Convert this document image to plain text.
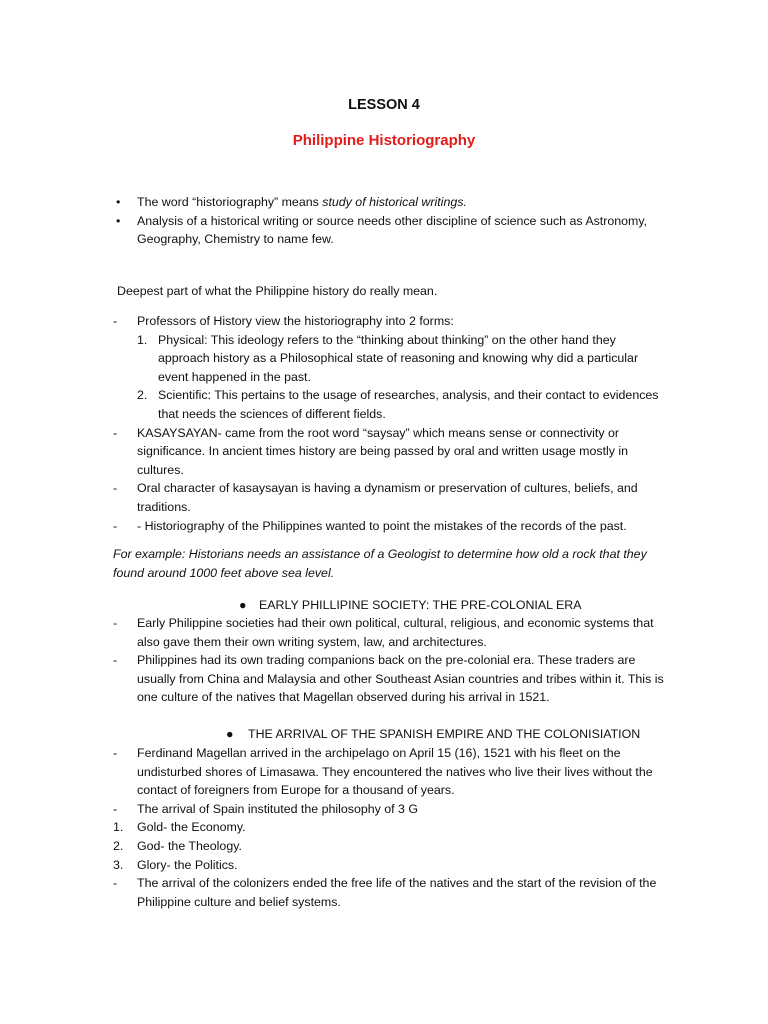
LESSON 4
Philippine Historiography
• The word “historiography” means study of historical writings.
• Analysis of a historical writing or source needs other discipline of science such as Astronomy,
Geography, Chemistry to name few.
Deepest part of what the Philippine history do really mean.
- Professors of History view the historiography into 2 forms:
1. Physical: This ideology refers to the “thinking about thinking” on the other hand they
approach history as a Philosophical state of reasoning and knowing why did a particular
event happened in the past.
2. Scientific: This pertains to the usage of researches, analysis, and their contact to evidences
that needs the sciences of different fields.
- KASAYSAYAN- came from the root word “saysay” which means sense or connectivity or
significance. In ancient times history are being passed by oral and written usage mostly in
cultures.
- Oral character of kasaysayan is having a dynamism or preservation of cultures, beliefs, and
traditions.
- - Historiography of the Philippines wanted to point the mistakes of the records of the past.
For example: Historians needs an assistance of a Geologist to determine how old a rock that they
found around 1000 feet above sea level.
● EARLY PHILLIPINE SOCIETY: THE PRE-COLONIAL ERA
- Early Philippine societies had their own political, cultural, religious, and economic systems that
also gave them their own writing system, law, and architectures.
- Philippines had its own trading companions back on the pre-colonial era. These traders are
usually from China and Malaysia and other Southeast Asian countries and tribes within it. This is
one culture of the natives that Magellan observed during his arrival in 1521.
● THE ARRIVAL OF THE SPANISH EMPIRE AND THE COLONISIATION
- Ferdinand Magellan arrived in the archipelago on April 15 (16), 1521 with his fleet on the
undisturbed shores of Limasawa. They encountered the natives who live their lives without the
contact of foreigners from Europe for a thousand of years.
- The arrival of Spain instituted the philosophy of 3 G
1. Gold- the Economy.
2. God- the Theology.
3. Glory- the Politics.
- The arrival of the colonizers ended the free life of the natives and the start of the revision of the
Philippine culture and belief systems.
